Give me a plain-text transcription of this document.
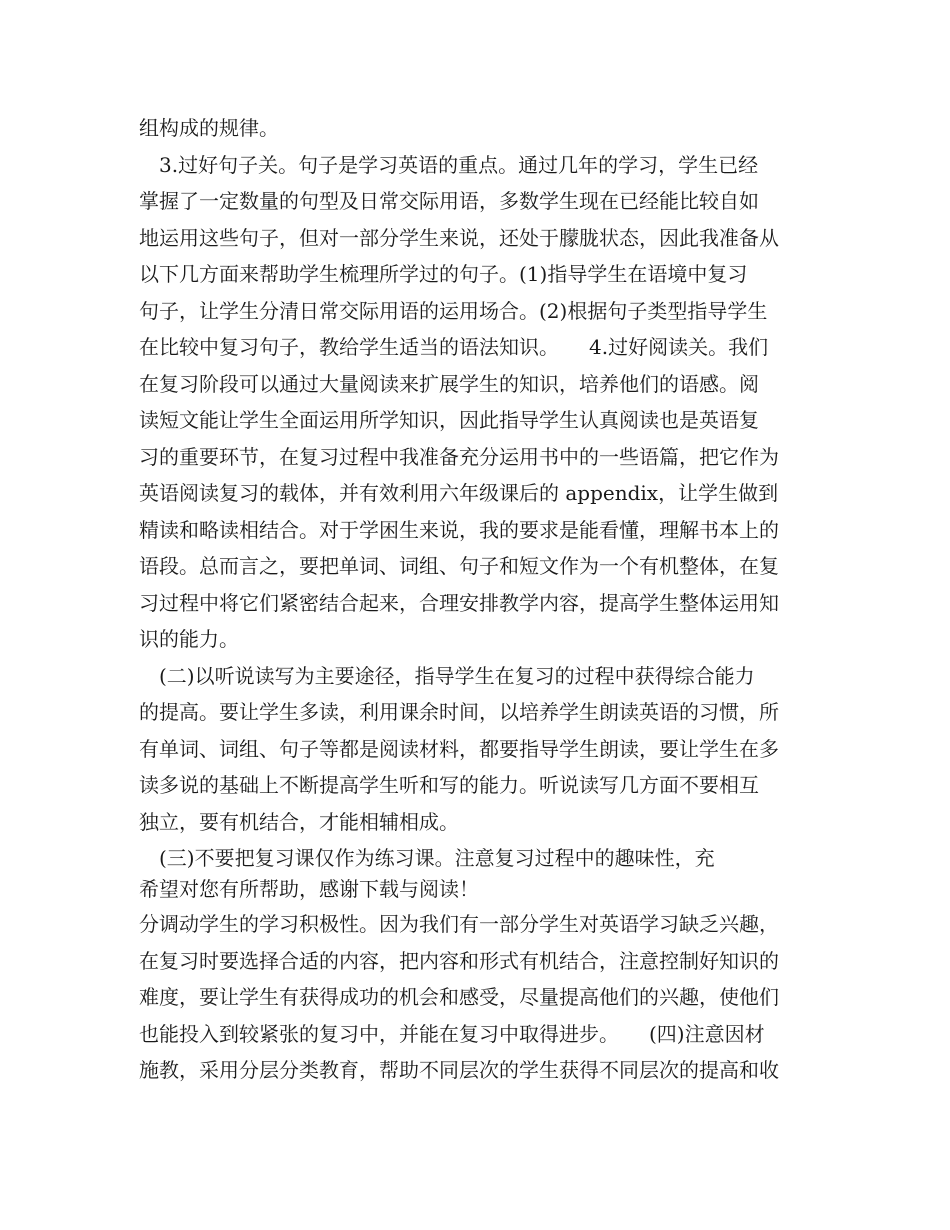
组构成的规律。
3.过好句子关。句子是学习英语的重点。通过几年的学习，学生已经
掌握了一定数量的句型及日常交际用语，多数学生现在已经能比较自如
地运用这些句子，但对一部分学生来说，还处于朦胧状态，因此我准备从
以下几方面来帮助学生梳理所学过的句子。(1)指导学生在语境中复习
句子，让学生分清日常交际用语的运用场合。(2)根据句子类型指导学生
在比较中复习句子，教给学生适当的语法知识。　　4.过好阅读关。我们
在复习阶段可以通过大量阅读来扩展学生的知识，培养他们的语感。阅
读短文能让学生全面运用所学知识，因此指导学生认真阅读也是英语复
习的重要环节，在复习过程中我准备充分运用书中的一些语篇，把它作为
英语阅读复习的载体，并有效利用六年级课后的 appendix，让学生做到
精读和略读相结合。对于学困生来说，我的要求是能看懂，理解书本上的
语段。总而言之，要把单词、词组、句子和短文作为一个有机整体，在复
习过程中将它们紧密结合起来，合理安排教学内容，提高学生整体运用知
识的能力。
(二)以听说读写为主要途径，指导学生在复习的过程中获得综合能力
的提高。要让学生多读，利用课余时间，以培养学生朗读英语的习惯，所
有单词、词组、句子等都是阅读材料，都要指导学生朗读，要让学生在多
读多说的基础上不断提高学生听和写的能力。听说读写几方面不要相互
独立，要有机结合，才能相辅相成。
(三)不要把复习课仅作为练习课。注意复习过程中的趣味性，充
希望对您有所帮助，感谢下载与阅读！
分调动学生的学习积极性。因为我们有一部分学生对英语学习缺乏兴趣，
在复习时要选择合适的内容，把内容和形式有机结合，注意控制好知识的
难度，要让学生有获得成功的机会和感受，尽量提高他们的兴趣，使他们
也能投入到较紧张的复习中，并能在复习中取得进步。　　(四)注意因材
施教，采用分层分类教育，帮助不同层次的学生获得不同层次的提高和收
